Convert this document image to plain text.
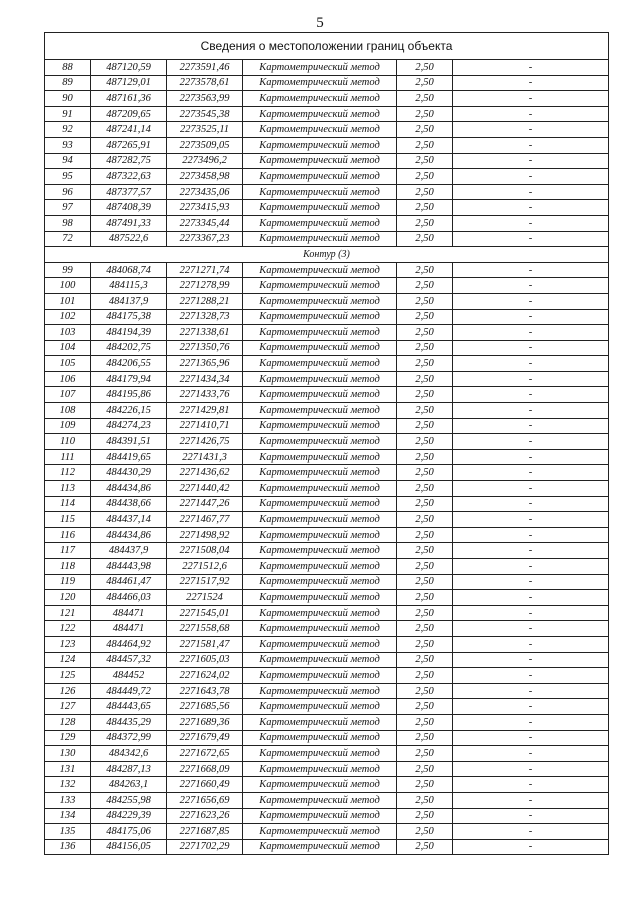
5
Сведения о местоположении границ объекта					
88	487120,59	2273591,46	Картометрический метод	2,50	-
89	487129,01	2273578,61	Картометрический метод	2,50	-
90	487161,36	2273563,99	Картометрический метод	2,50	-
91	487209,65	2273545,38	Картометрический метод	2,50	-
92	487241,14	2273525,11	Картометрический метод	2,50	-
93	487265,91	2273509,05	Картометрический метод	2,50	-
94	487282,75	2273496,2	Картометрический метод	2,50	-
95	487322,63	2273458,98	Картометрический метод	2,50	-
96	487377,57	2273435,06	Картометрический метод	2,50	-
97	487408,39	2273415,93	Картометрический метод	2,50	-
98	487491,33	2273345,44	Картометрический метод	2,50	-
72	487522,6	2273367,23	Картометрический метод	2,50	-
Контур (3)					
99	484068,74	2271271,74	Картометрический метод	2,50	-
100	484115,3	2271278,99	Картометрический метод	2,50	-
101	484137,9	2271288,21	Картометрический метод	2,50	-
102	484175,38	2271328,73	Картометрический метод	2,50	-
103	484194,39	2271338,61	Картометрический метод	2,50	-
104	484202,75	2271350,76	Картометрический метод	2,50	-
105	484206,55	2271365,96	Картометрический метод	2,50	-
106	484179,94	2271434,34	Картометрический метод	2,50	-
107	484195,86	2271433,76	Картометрический метод	2,50	-
108	484226,15	2271429,81	Картометрический метод	2,50	-
109	484274,23	2271410,71	Картометрический метод	2,50	-
110	484391,51	2271426,75	Картометрический метод	2,50	-
111	484419,65	2271431,3	Картометрический метод	2,50	-
112	484430,29	2271436,62	Картометрический метод	2,50	-
113	484434,86	2271440,42	Картометрический метод	2,50	-
114	484438,66	2271447,26	Картометрический метод	2,50	-
115	484437,14	2271467,77	Картометрический метод	2,50	-
116	484434,86	2271498,92	Картометрический метод	2,50	-
117	484437,9	2271508,04	Картометрический метод	2,50	-
118	484443,98	2271512,6	Картометрический метод	2,50	-
119	484461,47	2271517,92	Картометрический метод	2,50	-
120	484466,03	2271524	Картометрический метод	2,50	-
121	484471	2271545,01	Картометрический метод	2,50	-
122	484471	2271558,68	Картометрический метод	2,50	-
123	484464,92	2271581,47	Картометрический метод	2,50	-
124	484457,32	2271605,03	Картометрический метод	2,50	-
125	484452	2271624,02	Картометрический метод	2,50	-
126	484449,72	2271643,78	Картометрический метод	2,50	-
127	484443,65	2271685,56	Картометрический метод	2,50	-
128	484435,29	2271689,36	Картометрический метод	2,50	-
129	484372,99	2271679,49	Картометрический метод	2,50	-
130	484342,6	2271672,65	Картометрический метод	2,50	-
131	484287,13	2271668,09	Картометрический метод	2,50	-
132	484263,1	2271660,49	Картометрический метод	2,50	-
133	484255,98	2271656,69	Картометрический метод	2,50	-
134	484229,39	2271623,26	Картометрический метод	2,50	-
135	484175,06	2271687,85	Картометрический метод	2,50	-
136	484156,05	2271702,29	Картометрический метод	2,50	-
